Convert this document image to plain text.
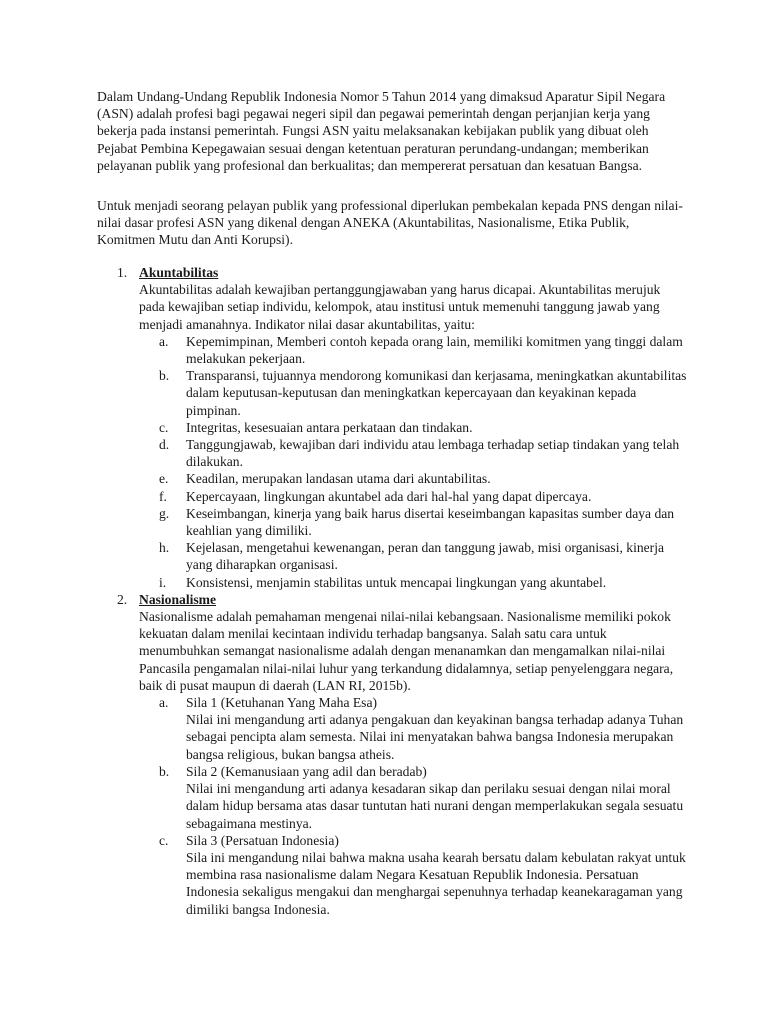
Dalam Undang-Undang Republik Indonesia Nomor 5 Tahun 2014 yang dimaksud Aparatur Sipil Negara (ASN) adalah profesi bagi pegawai negeri sipil dan pegawai pemerintah dengan perjanjian kerja yang bekerja pada instansi pemerintah. Fungsi ASN yaitu melaksanakan kebijakan publik yang dibuat oleh Pejabat Pembina Kepegawaian sesuai dengan ketentuan peraturan perundang-undangan; memberikan pelayanan publik yang profesional dan berkualitas; dan mempererat persatuan dan kesatuan Bangsa.

Untuk menjadi seorang pelayan publik yang professional diperlukan pembekalan kepada PNS dengan nilai-nilai dasar profesi ASN yang dikenal dengan ANEKA (Akuntabilitas, Nasionalisme, Etika Publik, Komitmen Mutu dan Anti Korupsi).

1. Akuntabilitas

Akuntabilitas adalah kewajiban pertanggungjawaban yang harus dicapai. Akuntabilitas merujuk pada kewajiban setiap individu, kelompok, atau institusi untuk memenuhi tanggung jawab yang menjadi amanahnya. Indikator nilai dasar akuntabilitas, yaitu:

a. Kepemimpinan, Memberi contoh kepada orang lain, memiliki komitmen yang tinggi dalam melakukan pekerjaan.
b. Transparansi, tujuannya mendorong komunikasi dan kerjasama, meningkatkan akuntabilitas dalam keputusan-keputusan dan meningkatkan kepercayaan dan keyakinan kepada pimpinan.
c. Integritas, kesesuaian antara perkataan dan tindakan.
d. Tanggungjawab, kewajiban dari individu atau lembaga terhadap setiap tindakan yang telah dilakukan.
e. Keadilan, merupakan landasan utama dari akuntabilitas.
f. Kepercayaan, lingkungan akuntabel ada dari hal-hal yang dapat dipercaya.
g. Keseimbangan, kinerja yang baik harus disertai keseimbangan kapasitas sumber daya dan keahlian yang dimiliki.
h. Kejelasan, mengetahui kewenangan, peran dan tanggung jawab, misi organisasi, kinerja yang diharapkan organisasi.
i. Konsistensi, menjamin stabilitas untuk mencapai lingkungan yang akuntabel.
2. Nasionalisme

Nasionalisme adalah pemahaman mengenai nilai-nilai kebangsaan. Nasionalisme memiliki pokok kekuatan dalam menilai kecintaan individu terhadap bangsanya. Salah satu cara untuk menumbuhkan semangat nasionalisme adalah dengan menanamkan dan mengamalkan nilai-nilai Pancasila pengamalan nilai-nilai luhur yang terkandung didalamnya, setiap penyelenggara negara, baik di pusat maupun di daerah (LAN RI, 2015b).

a. Sila 1 (Ketuhanan Yang Maha Esa)

Nilai ini mengandung arti adanya pengakuan dan keyakinan bangsa terhadap adanya Tuhan sebagai pencipta alam semesta. Nilai ini menyatakan bahwa bangsa Indonesia merupakan bangsa religious, bukan bangsa atheis.

b. Sila 2 (Kemanusiaan yang adil dan beradab)

Nilai ini mengandung arti adanya kesadaran sikap dan perilaku sesuai dengan nilai moral dalam hidup bersama atas dasar tuntutan hati nurani dengan memperlakukan segala sesuatu sebagaimana mestinya.

c. Sila 3 (Persatuan Indonesia)

Sila ini mengandung nilai bahwa makna usaha kearah bersatu dalam kebulatan rakyat untuk membina rasa nasionalisme dalam Negara Kesatuan Republik Indonesia. Persatuan Indonesia sekaligus mengakui dan menghargai sepenuhnya terhadap keanekaragaman yang dimiliki bangsa Indonesia.
